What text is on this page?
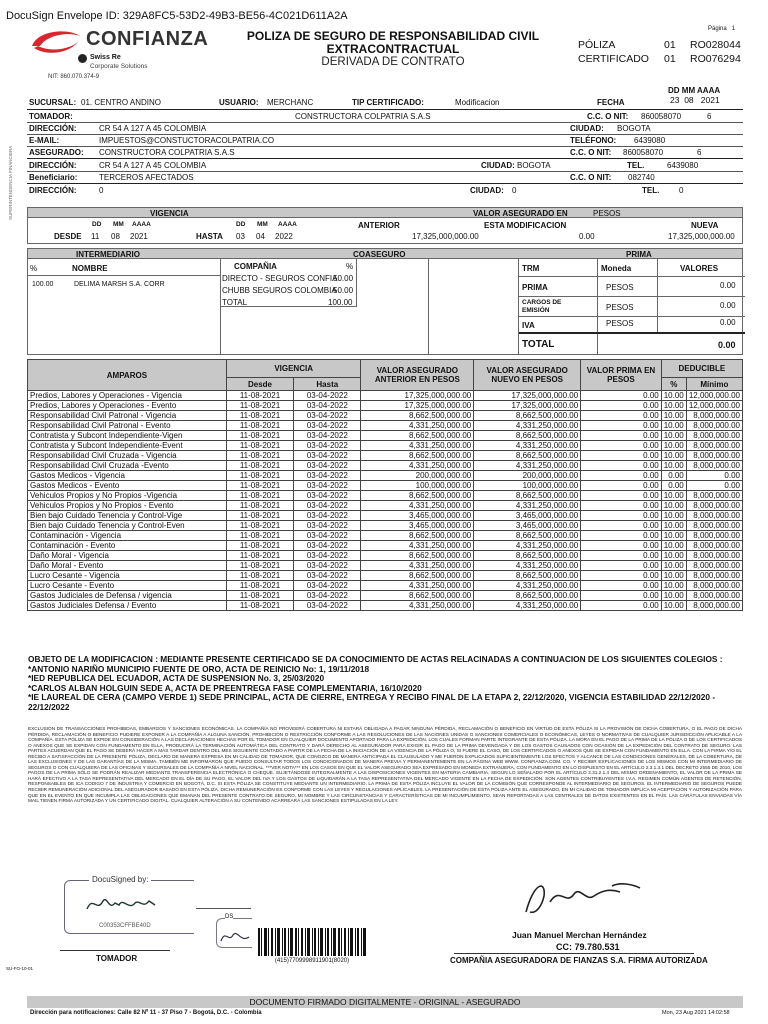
DocuSign Envelope ID: 329A8FC5-53D2-49B3-BE56-4C021D611A2A
CONFIANZA
Swiss Re
Corporate Solutions
NIT: 860.070.374-9
POLIZA DE SEGURO DE RESPONSABILIDAD CIVIL
EXTRACONTRACTUAL
DERIVADA DE CONTRATO
Página 1
PÓLIZA	01 RO028044
CERTIFICADO 01 RO076294
DD MM AAAA
23 08 2021
SUPERINTENDENCIA FINANCIERA
SUCURSAL: 01. CENTRO ANDINO	USUARIO: MERCHANC	TIP CERTIFICADO:	Modificacion	FECHA
TOMADOR:	CONSTRUCTORA COLPATRIA S.A.S	C.C. O NIT: 860058070	6
DIRECCIÓN:	CR 54 A 127 A 45 COLOMBIA	CIUDAD: BOGOTA
E-MAIL:	IMPUESTOS@CONSTUCTORACOLPATRIA.CO	TELÉFONO: 6439080
ASEGURADO: CONSTRUCTORA COLPATRIA S.A.S	C.C. O NIT: 860058070	6
DIRECCIÓN:	CR 54 A 127 A 45 COLOMBIA	CIUDAD: BOGOTA	TEL.	6439080
Beneficiario:	TERCEROS AFECTADOS	C.C. O NIT: 082740
DIRECCIÓN:	0	CIUDAD: 0	TEL. 0
VIGENCIA	VALOR ASEGURADO EN	PESOS
DD MM AAAA
DESDE 11 08 2021
DD MM AAAA
HASTA 03 04 2022
ANTERIOR
17,325,000,000.00
ESTA MODIFICACION
0.00
NUEVA
17,325,000,000.00
INTERMEDIARIO	COASEGURO	PRIMA
%	NOMBRE
100.00	DELIMA MARSH S.A. CORR
COMPAÑIA	%
DIRECTO - SEGUROS CONFIA
50.00
CHUBB SEGUROS COLOMBIA
50.00
TOTAL	100.00
TRM	Moneda	VALORES
PRIMA	PESOS	0.00
CARGOS DE EMISIÓN	PESOS	0.00
IVA	PESOS	0.00
TOTAL	0.00
AMPAROS	VIGENCIA		VALOR ASEGURADO ANTERIOR EN PESOS	VALOR ASEGURADO NUEVO EN PESOS	VALOR PRIMA EN PESOS	DEDUCIBLE	
	Desde	Hasta				%	Mínimo
Predios, Labores y Operaciones - Vigencia	11-08-2021	03-04-2022	17,325,000,000.00	17,325,000,000.00	0.00	10.00	12,000,000.00
Predios, Labores y Operaciones - Evento	11-08-2021	03-04-2022	17,325,000,000.00	17,325,000,000.00	0.00	10.00	12,000,000.00
Responsabilidad Civil Patronal - Vigencia	11-08-2021	03-04-2022	8,662,500,000.00	8,662,500,000.00	0.00	10.00	8,000,000.00
Responsabilidad Civil Patronal - Evento	11-08-2021	03-04-2022	4,331,250,000.00	4,331,250,000.00	0.00	10.00	8,000,000.00
Contratista y Subcont Independiente-Vigen	11-08-2021	03-04-2022	8,662,500,000.00	8,662,500,000.00	0.00	10.00	8,000,000.00
Contratista y Subcont Independiente-Event	11-08-2021	03-04-2022	4,331,250,000.00	4,331,250,000.00	0.00	10.00	8,000,000.00
Responsabilidad Civil Cruzada - Vigencia	11-08-2021	03-04-2022	8,662,500,000.00	8,662,500,000.00	0.00	10.00	8,000,000.00
Responsabilidad Civil Cruzada -Evento	11-08-2021	03-04-2022	4,331,250,000.00	4,331,250,000.00	0.00	10.00	8,000,000.00
Gastos Medicos - Vigencia	11-08-2021	03-04-2022	200,000,000.00	200,000,000.00	0.00	0.00	0.00
Gastos Medicos - Evento	11-08-2021	03-04-2022	100,000,000.00	100,000,000.00	0.00	0.00	0.00
Vehiculos Propios y No Propios -Vigencia	11-08-2021	03-04-2022	8,662,500,000.00	8,662,500,000.00	0.00	10.00	8,000,000.00
Vehiculos Propios y No Propios - Evento	11-08-2021	03-04-2022	4,331,250,000.00	4,331,250,000.00	0.00	10.00	8,000,000.00
Bien bajo Cuidado Tenencia y Control-Vige	11-08-2021	03-04-2022	3,465,000,000.00	3,465,000,000.00	0.00	10.00	8,000,000.00
Bien bajo Cuidado Tenencia y Control-Even	11-08-2021	03-04-2022	3,465,000,000.00	3,465,000,000.00	0.00	10.00	8,000,000.00
Contaminación - Vigencia	11-08-2021	03-04-2022	8,662,500,000.00	8,662,500,000.00	0.00	10.00	8,000,000.00
Contaminación - Evento	11-08-2021	03-04-2022	4,331,250,000.00	4,331,250,000.00	0.00	10.00	8,000,000.00
Daño Moral - Vigencia	11-08-2021	03-04-2022	8,662,500,000.00	8,662,500,000.00	0.00	10.00	8,000,000.00
Daño Moral - Evento	11-08-2021	03-04-2022	4,331,250,000.00	4,331,250,000.00	0.00	10.00	8,000,000.00
Lucro Cesante - Vigencia	11-08-2021	03-04-2022	8,662,500,000.00	8,662,500,000.00	0.00	10.00	8,000,000.00
Lucro Cesante - Evento	11-08-2021	03-04-2022	4,331,250,000.00	4,331,250,000.00	0.00	10.00	8,000,000.00
Gastos Judiciales de Defensa / vigencia	11-08-2021	03-04-2022	8,662,500,000.00	8,662,500,000.00	0.00	10.00	8,000,000.00
Gastos Judiciales Defensa / Evento	11-08-2021	03-04-2022	4,331,250,000.00	4,331,250,000.00	0.00	10.00	8,000,000.00
OBJETO DE LA MODIFICACION : MEDIANTE PRESENTE CERTIFICADO SE DA CONOCIMIENTO DE ACTAS RELACINADAS A CONTINUACION DE LOS SIGUIENTES COLEGIOS :
*ANTONIO NARIÑO MUNICIPIO FUENTE DE ORO, ACTA DE REINICIO No: 1, 19/11/2018
*IED REPUBLICA DEL ECUADOR, ACTA DE SUSPENSION No. 3, 25/03/2020
*CARLOS ALBAN HOLGUIN SEDE A, ACTA DE PREENTREGA FASE COMPLEMENTARIA, 16/10/2020
*IE LAUREAL DE CERA (CAMPO VERDE 1) SEDE PRINCIPAL, ACTA DE CIERRE, ENTREGA Y RECIBO FINAL DE LA ETAPA 2, 22/12/2020, VIGENCIA ESTABILIDAD 22/12/2020 - 22/12/2022
EXCLUSION DE TRANSACCIONES PROHIBIDAS, EMBARGOS Y SANCIONES ECONÓMICAS. LA COMPAÑÍA NO PROVEERÁ COBERTURA NI ESTARÁ OBLIGADA A PAGAR NINGUNA PÉRDIDA, RECLAMACIÓN O BENEFICIO EN VIRTUD DE ESTA PÓLIZA SI LA PROVISIÓN DE DICHA COBERTURA, O EL PAGO DE DICHA PÉRDIDA, RECLAMACIÓN O BENEFICIO PUDIERE EXPONER A LA COMPAÑÍA A ALGUNA SANCIÓN, PROHIBICIÓN O RESTRICCIÓN CONFORME A LAS RESOLUCIONES DE LAS NACIONES UNIDAS O SANCIONES COMERCIALES O ECONÓMICAS, LEYES O NORMATIVAS DE CUALQUIER JURISDICCIÓN APLICABLE A LA COMPAÑÍA. ESTA PÓLIZA SE EXPIDE EN CONSIDERACIÓN A LAS DECLARACIONES HECHAS POR EL TOMADOR EN CUALQUIER DOCUMENTO APORTADO PARA LA EXPEDICIÓN, LOS CUALES FORMAN PARTE INTEGRANTE DE ESTA PÓLIZA. LA MORA EN EL PAGO DE LA PRIMA DE LA PÓLIZA O DE LOS CERTIFICADOS O ANEXOS QUE SE EXPIDAN CON FUNDAMENTO EN ELLA, PRODUCIRÁ LA TERMINACIÓN AUTOMÁTICA DEL CONTRATO Y DARÁ DERECHO AL ASEGURADOR PARA EXIGIR EL PAGO DE LA PRIMA DEVENGADA Y DE LOS GASTOS CAUSADOS CON OCASIÓN DE LA EXPEDICIÓN DEL CONTRATO DE SEGURO. LAS PARTES ACUERDAN QUE EL PAGO SE DEBERÁ HACER A MÁS TARDAR DENTRO DEL MES SIGUIENTE CONTADO A PARTIR DE LA FECHA DE LA INICIACIÓN DE LA VIGENCIA DE LA PÓLIZA O, SI FUERE EL CASO, DE LOS CERTIFICADOS O ANEXOS QUE SE EXPIDAN CON FUNDAMENTO EN ELLA. CON LA FIRMA Y/O EL RECIBO A SATISFACCIÓN DE LA PRESENTE PÓLIZA, DECLARO DE MANERA EXPRESA EN MI CALIDAD DE TOMADOR, QUE CONOZCO DE MANERA ANTICIPADA EL CLAUSULADO Y ME FUERON EXPLICADOS SUFICIENTEMENTE LOS EFECTOS Y ALCANCE DE LAS CONDICIONES GENERALES, DE LA COBERTURA, DE LAS EXCLUSIONES Y DE LAS GARANTÍAS DE LA MISMA. TAMBIÉN ME INFORMARON QUE PUEDO CONSULTAR TODOS LOS CONDICIONADOS DE MANERA PREVIA Y PERMANENTEMENTE EN LA PÁGINA WEB WWW. CONFIANZA.COM. CO. Y RECIBIR EXPLICACIONES DE LOS MISMOS CON MI INTERMEDIARIO DE SEGUROS O CON CUALQUIERA DE LAS OFICINAS Y SUCURSALES DE LA COMPAÑÍA A NIVEL NACIONAL. ***VER NOTA*** EN LOS CASOS EN QUE EL VALOR ASEGURADO SEA EXPRESADO EN MONEDA EXTRANJERA, CON FUNDAMENTO EN LO DISPUESTO EN EL ARTÍCULO 2.3.1.3.1 DEL DECRETO 2555 DE 2010, LOS PAGOS DE LA PRIMA SÓLO SE PODRÁN REALIZAR MEDIANTE TRANSFERENCIA ELECTRÓNICA O CHEQUE. SUJETÁNDOSE INTEGRALMENTE A LAS DISPOSICIONES VIGENTES EN MATERIA CAMBIARIA. SEGÚN LO SEÑALADO POR EL ARTÍCULO 2.31.2.1.4 DEL MISMO ORDENAMIENTO, EL VALOR DE LA PRIMA SE HARÁ EFECTIVO A LA TASA REPRESENTATIVA DEL MERCADO EN EL DÍA DE SU PAGO, EL VALOR DEL IVA Y LOS GASTOS DE LIQUIDARÁN A LA TASA REPRESENTATIVA DEL MERCADO VIGENTE EN LA FECHA DE EXPEDICIÓN. SON AGENTES CONTRIBUYENTES I.V.A. REGIMEN COMÚN AGENTES DE RETENCIÓN, RESPONSABLES DE ICA CODIGO 7 DE INDUSTRIA Y COMERCIO EN BOGOTÁ, D.C. SI ESTA PÓLIZA SE CONSTITUYE MEDIANTE UN INTERMEDIARIO, LA PRIMA DE ESTA PÓLIZA INCLUYE EL VALOR DE LA COMISIÓN QUE CORRESPONDE AL INTERMEDIARIO DE SEGUROS. EL INTERMEDIARIO DE SEGUROS PUEDE RECIBIR REMUNERACIÓN ADICIONAL DEL ASEGURADOR BASADO EN ESTA PÓLIZA. DICHA REMUNERACIÓN ES CONFORME CON LAS LEYES Y REGULACIONES APLICABLES. LA PRESENTACIÓN DE ESTA PÓLIZA ANTE EL ASEGURADO, EN MI CALIDAD DE TOMADOR IMPLICA MI ACEPTACIÓN Y AUTORIZACIÓN PARA QUE EN EL EVENTO EN QUE INCUMPLA LAS OBLIGACIONES QUE EMANAN DEL PRESENTE CONTRATO DE SEGURO, MI NOMBRE Y LAS CIRCUNSTANCIAS Y CARACTERÍSTICAS DE MI INCUMPLIMIENTO, SEAN REPORTADAS A LAS CENTRALES DE DATOS EXISTENTES EN EL PAÍS. LAS CARÁTULAS ENVIADAS VÍA MAIL TIENEN FIRMA AUTORIZADA Y UN CERTIFICADO DIGITAL. CUALQUIER ALTERACIÓN A SU CONTENIDO ACARREARÁ LAS SANCIONES ESTIPULADAS EN LA LEY.
DocuSigned by:
C00353CFFBE40D
DS
(415)7709998911901(8020)
TOMADOR
SU-FO-10-01
Juan Manuel Merchan Hernández
CC: 79.780.531
COMPAÑIA ASEGURADORA DE FIANZAS S.A. FIRMA AUTORIZADA
DOCUMENTO FIRMADO DIGITALMENTE - ORIGINAL - ASEGURADO
Dirección para notificaciones: Calle 82 Nº 11 - 37 Piso 7 - Bogotá, D.C. - Colombia	Mon, 23 Aug 2021 14:02:58
